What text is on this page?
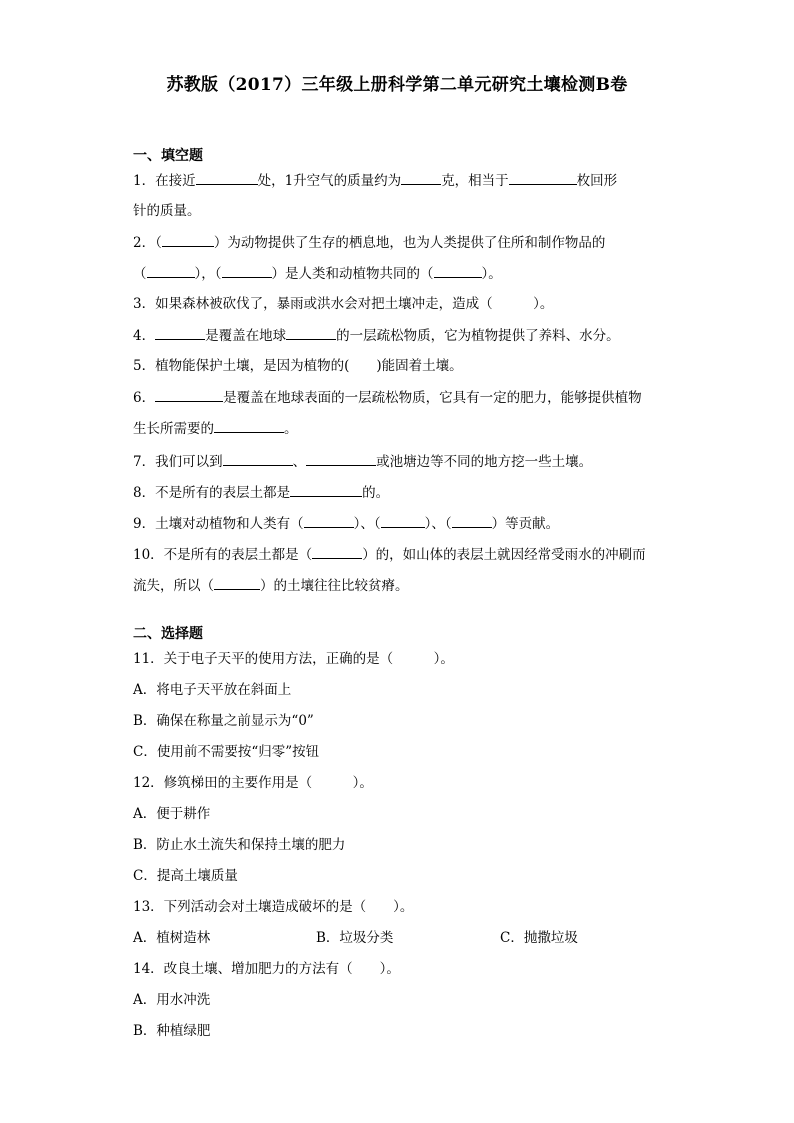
苏教版（2017）三年级上册科学第二单元研究土壤检测B卷
一、填空题
1．在接近	处，1升空气的质量约为	克，相当于	枚回形
针的质量。
2．（	）为动物提供了生存的栖息地，也为人类提供了住所和制作物品的
（	），（	）是人类和动植物共同的（	）。
3．如果森林被砍伐了，暴雨或洪水会对把土壤冲走，造成（　　　）。
4．	是覆盖在地球	的一层疏松物质，它为植物提供了养料、水分。
5．植物能保护土壤，是因为植物的(　　)能固着土壤。
6．	是覆盖在地球表面的一层疏松物质，它具有一定的肥力，能够提供植物
生长所需要的	。
7．我们可以到	、	或池塘边等不同的地方挖一些土壤。
8．不是所有的表层土都是	的。
9．土壤对动植物和人类有（	）、（	）、（	）等贡献。
10．不是所有的表层土都是（	）的，如山体的表层土就因经常受雨水的冲刷而
流失，所以（	）的土壤往往比较贫瘠。
二、选择题
11．关于电子天平的使用方法，正确的是（　　　）。
A．将电子天平放在斜面上
B．确保在称量之前显示为“0”
C．使用前不需要按“归零”按钮
12．修筑梯田的主要作用是（　　　）。
A．便于耕作
B．防止水土流失和保持土壤的肥力
C．提高土壤质量
13．下列活动会对土壤造成破坏的是（　　）。
A．植树造林	B．垃圾分类	C．抛撒垃圾
14．改良土壤、增加肥力的方法有（　　）。
A．用水冲洗
B．种植绿肥
